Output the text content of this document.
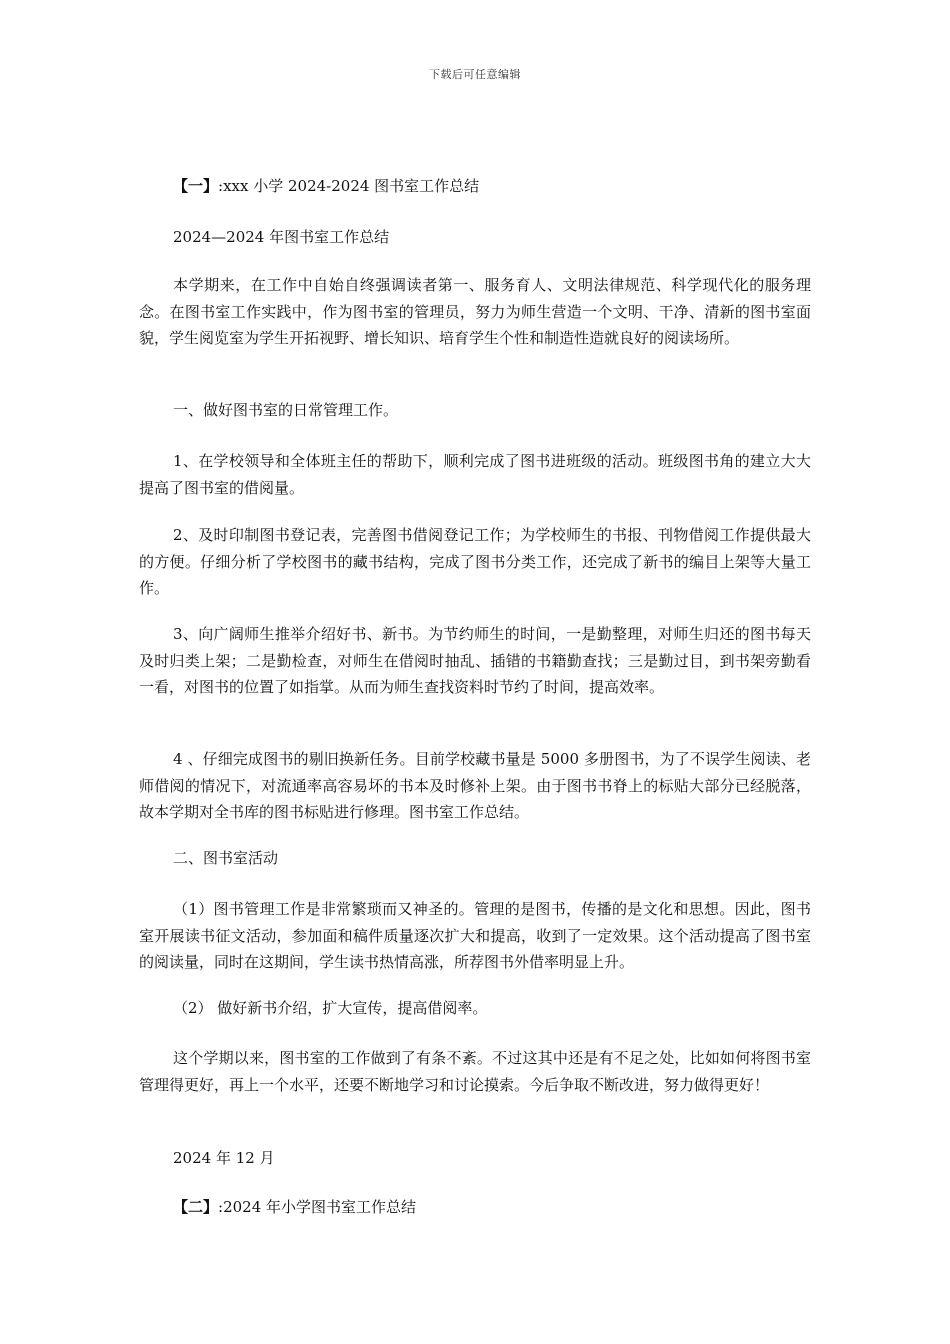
下载后可任意编辑

【一】:xxx 小学 2024-2024 图书室工作总结

2024—2024 年图书室工作总结

本学期来，在工作中自始自终强调读者第一、服务育人、文明法律规范、科学现代化的服务理念。在图书室工作实践中，作为图书室的管理员，努力为师生营造一个文明、干净、清新的图书室面貌，学生阅览室为学生开拓视野、增长知识、培育学生个性和制造性造就良好的阅读场所。

一、做好图书室的日常管理工作。

1、在学校领导和全体班主任的帮助下，顺利完成了图书进班级的活动。班级图书角的建立大大提高了图书室的借阅量。

2、及时印制图书登记表，完善图书借阅登记工作；为学校师生的书报、刊物借阅工作提供最大的方便。仔细分析了学校图书的藏书结构，完成了图书分类工作，还完成了新书的编目上架等大量工作。

3、向广阔师生推举介绍好书、新书。为节约师生的时间，一是勤整理，对师生归还的图书每天及时归类上架；二是勤检查，对师生在借阅时抽乱、插错的书籍勤查找；三是勤过目，到书架旁勤看一看，对图书的位置了如指掌。从而为师生查找资料时节约了时间，提高效率。

4 、仔细完成图书的剔旧换新任务。目前学校藏书量是 5000 多册图书，为了不误学生阅读、老师借阅的情况下，对流通率高容易坏的书本及时修补上架。由于图书书脊上的标贴大部分已经脱落，故本学期对全书库的图书标贴进行修理。图书室工作总结。

二、图书室活动

（1）图书管理工作是非常繁琐而又神圣的。管理的是图书，传播的是文化和思想。因此，图书室开展读书征文活动，参加面和稿件质量逐次扩大和提高，收到了一定效果。这个活动提高了图书室的阅读量，同时在这期间，学生读书热情高涨，所荐图书外借率明显上升。

（2） 做好新书介绍，扩大宣传，提高借阅率。

这个学期以来，图书室的工作做到了有条不紊。不过这其中还是有不足之处，比如如何将图书室管理得更好，再上一个水平，还要不断地学习和讨论摸索。今后争取不断改进，努力做得更好！

2024 年 12 月

【二】:2024 年小学图书室工作总结
